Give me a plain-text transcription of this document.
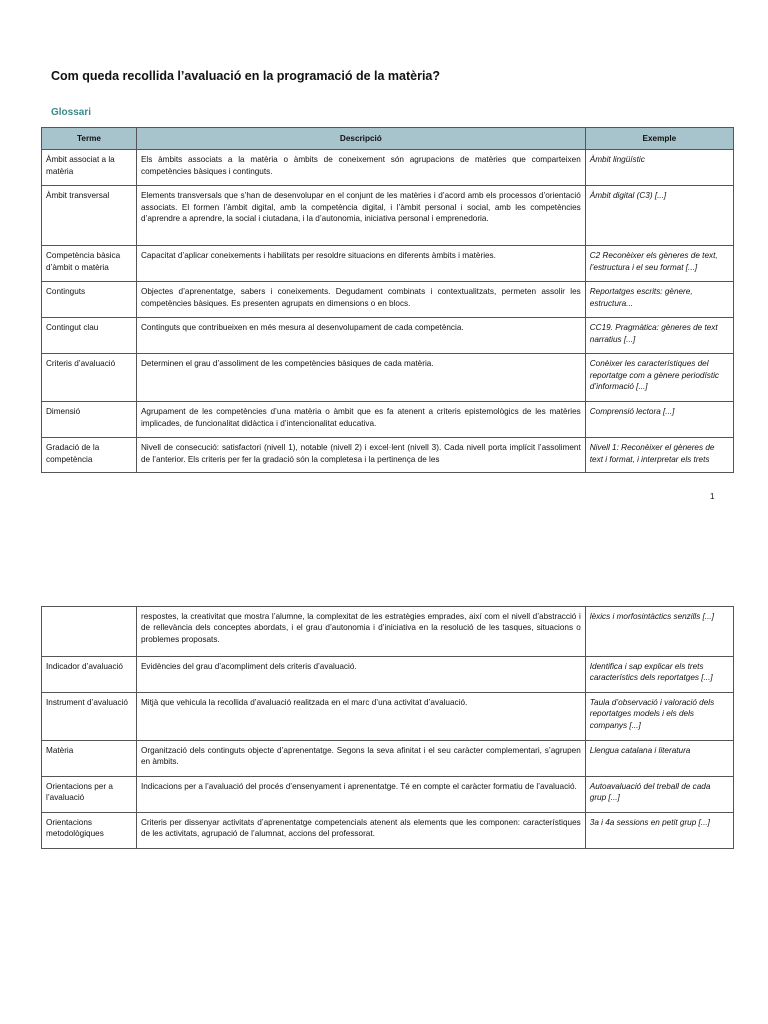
Com queda recollida l’avaluació en la programació de la matèria?
Glossari
Terme	Descripció	Exemple
Àmbit associat a la matèria	Els àmbits associats a la matèria o àmbits de coneixement són agrupacions de matèries que comparteixen competències bàsiques i continguts.	Àmbit lingüístic
Àmbit transversal	Elements transversals que s’han de desenvolupar en el conjunt de les matèries i d’acord amb els processos d’orientació associats. El formen l’àmbit digital, amb la competència digital, i l’àmbit personal i social, amb les competències d’aprendre a aprendre, la social i ciutadana, i la d’autonomia, iniciativa personal i emprenedoria.	Àmbit digital (C3) [...]
Competència bàsica d’àmbit o matèria	Capacitat d’aplicar coneixements i habilitats per resoldre situacions en diferents àmbits i matèries.	C2 Reconèixer els gèneres de text, l’estructura i el seu format [...]
Continguts	Objectes d’aprenentatge, sabers i coneixements. Degudament combinats i contextualitzats, permeten assolir les competències bàsiques. Es presenten agrupats en dimensions o en blocs.	Reportatges escrits: gènere, estructura...
Contingut clau	Continguts que contribueixen en més mesura al desenvolupament de cada competència.	CC19. Pragmàtica: gèneres de text narratius [...]
Criteris d’avaluació	Determinen el grau d’assoliment de les competències bàsiques de cada matèria.	Conèixer les característiques del reportatge com a gènere periodístic d’informació [...]
Dimensió	Agrupament de les competències d’una matèria o àmbit que es fa atenent a criteris epistemològics de les matèries implicades, de funcionalitat didàctica i d’intencionalitat educativa.	Comprensió lectora [...]

Gradació de la competència	Nivell de consecució: satisfactori (nivell 1), notable (nivell 2) i excel·lent (nivell 3). Cada nivell porta implícit l’assoliment de l’anterior. Els criteris per fer la gradació són la completesa i la pertinença de les	Nivell 1: Reconèixer el gèneres de text i format, i interpretar els trets
1
	respostes, la creativitat que mostra l’alumne, la complexitat de les estratègies emprades, així com el nivell d’abstracció i de rellevància dels conceptes abordats, i el grau d’autonomia i d’iniciativa en la resolució de les tasques, situacions o problemes proposats.	lèxics i morfosintàctics senzills [...]
Indicador d’avaluació	Evidències del grau d’acompliment dels criteris d’avaluació.	Identifica i sap explicar els trets característics dels reportatges [...]
Instrument d’avaluació	Mitjà que vehicula la recollida d’avaluació realitzada en el marc d’una activitat d’avaluació.	Taula d’observació i valoració dels reportatges models i els dels companys [...]
Matèria	Organització dels continguts objecte d’aprenentatge. Segons la seva afinitat i el seu caràcter complementari, s’agrupen en àmbits.	Llengua catalana i literatura
Orientacions per a l’avaluació	Indicacions per a l’avaluació del procés d’ensenyament i aprenentatge. Té en compte el caràcter formatiu de l’avaluació.	Autoavaluació del treball de cada grup [...]
Orientacions metodològiques	Criteris per dissenyar activitats d’aprenentatge competencials atenent als elements que les componen: característiques de les activitats, agrupació de l’alumnat, accions del professorat.	3a i 4a sessions en petit grup [...]
